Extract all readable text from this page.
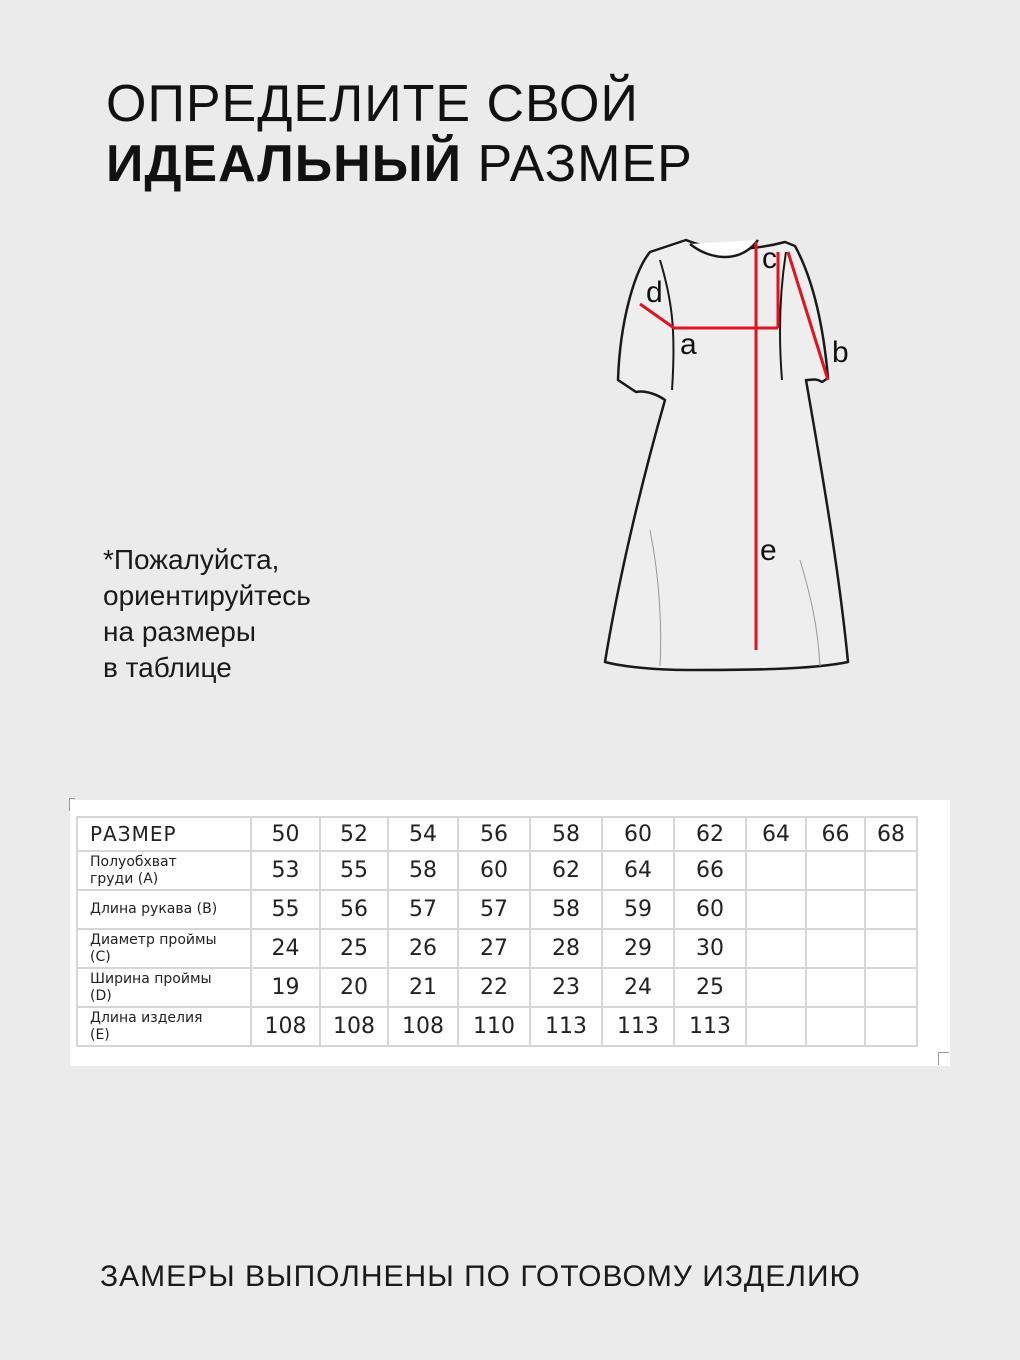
ОПРЕДЕЛИТЕ СВОЙ
ИДЕАЛЬНЫЙ РАЗМЕР
*Пожалуйста,
ориентируйтесь
на размеры
в таблице
d
a
c
b
e
РАЗМЕР	50	52	54	56	58	60	62	64	66	68
Полуобхват
груди (A)	53	55	58	60	62	64	66			
Длина рукава (B)	55	56	57	57	58	59	60			
Диаметр проймы
(C)	24	25	26	27	28	29	30			
Ширина проймы
(D)	19	20	21	22	23	24	25			
Длина изделия
(E)	108	108	108	110	113	113	113			
ЗАМЕРЫ ВЫПОЛНЕНЫ ПО ГОТОВОМУ ИЗДЕЛИЮ
